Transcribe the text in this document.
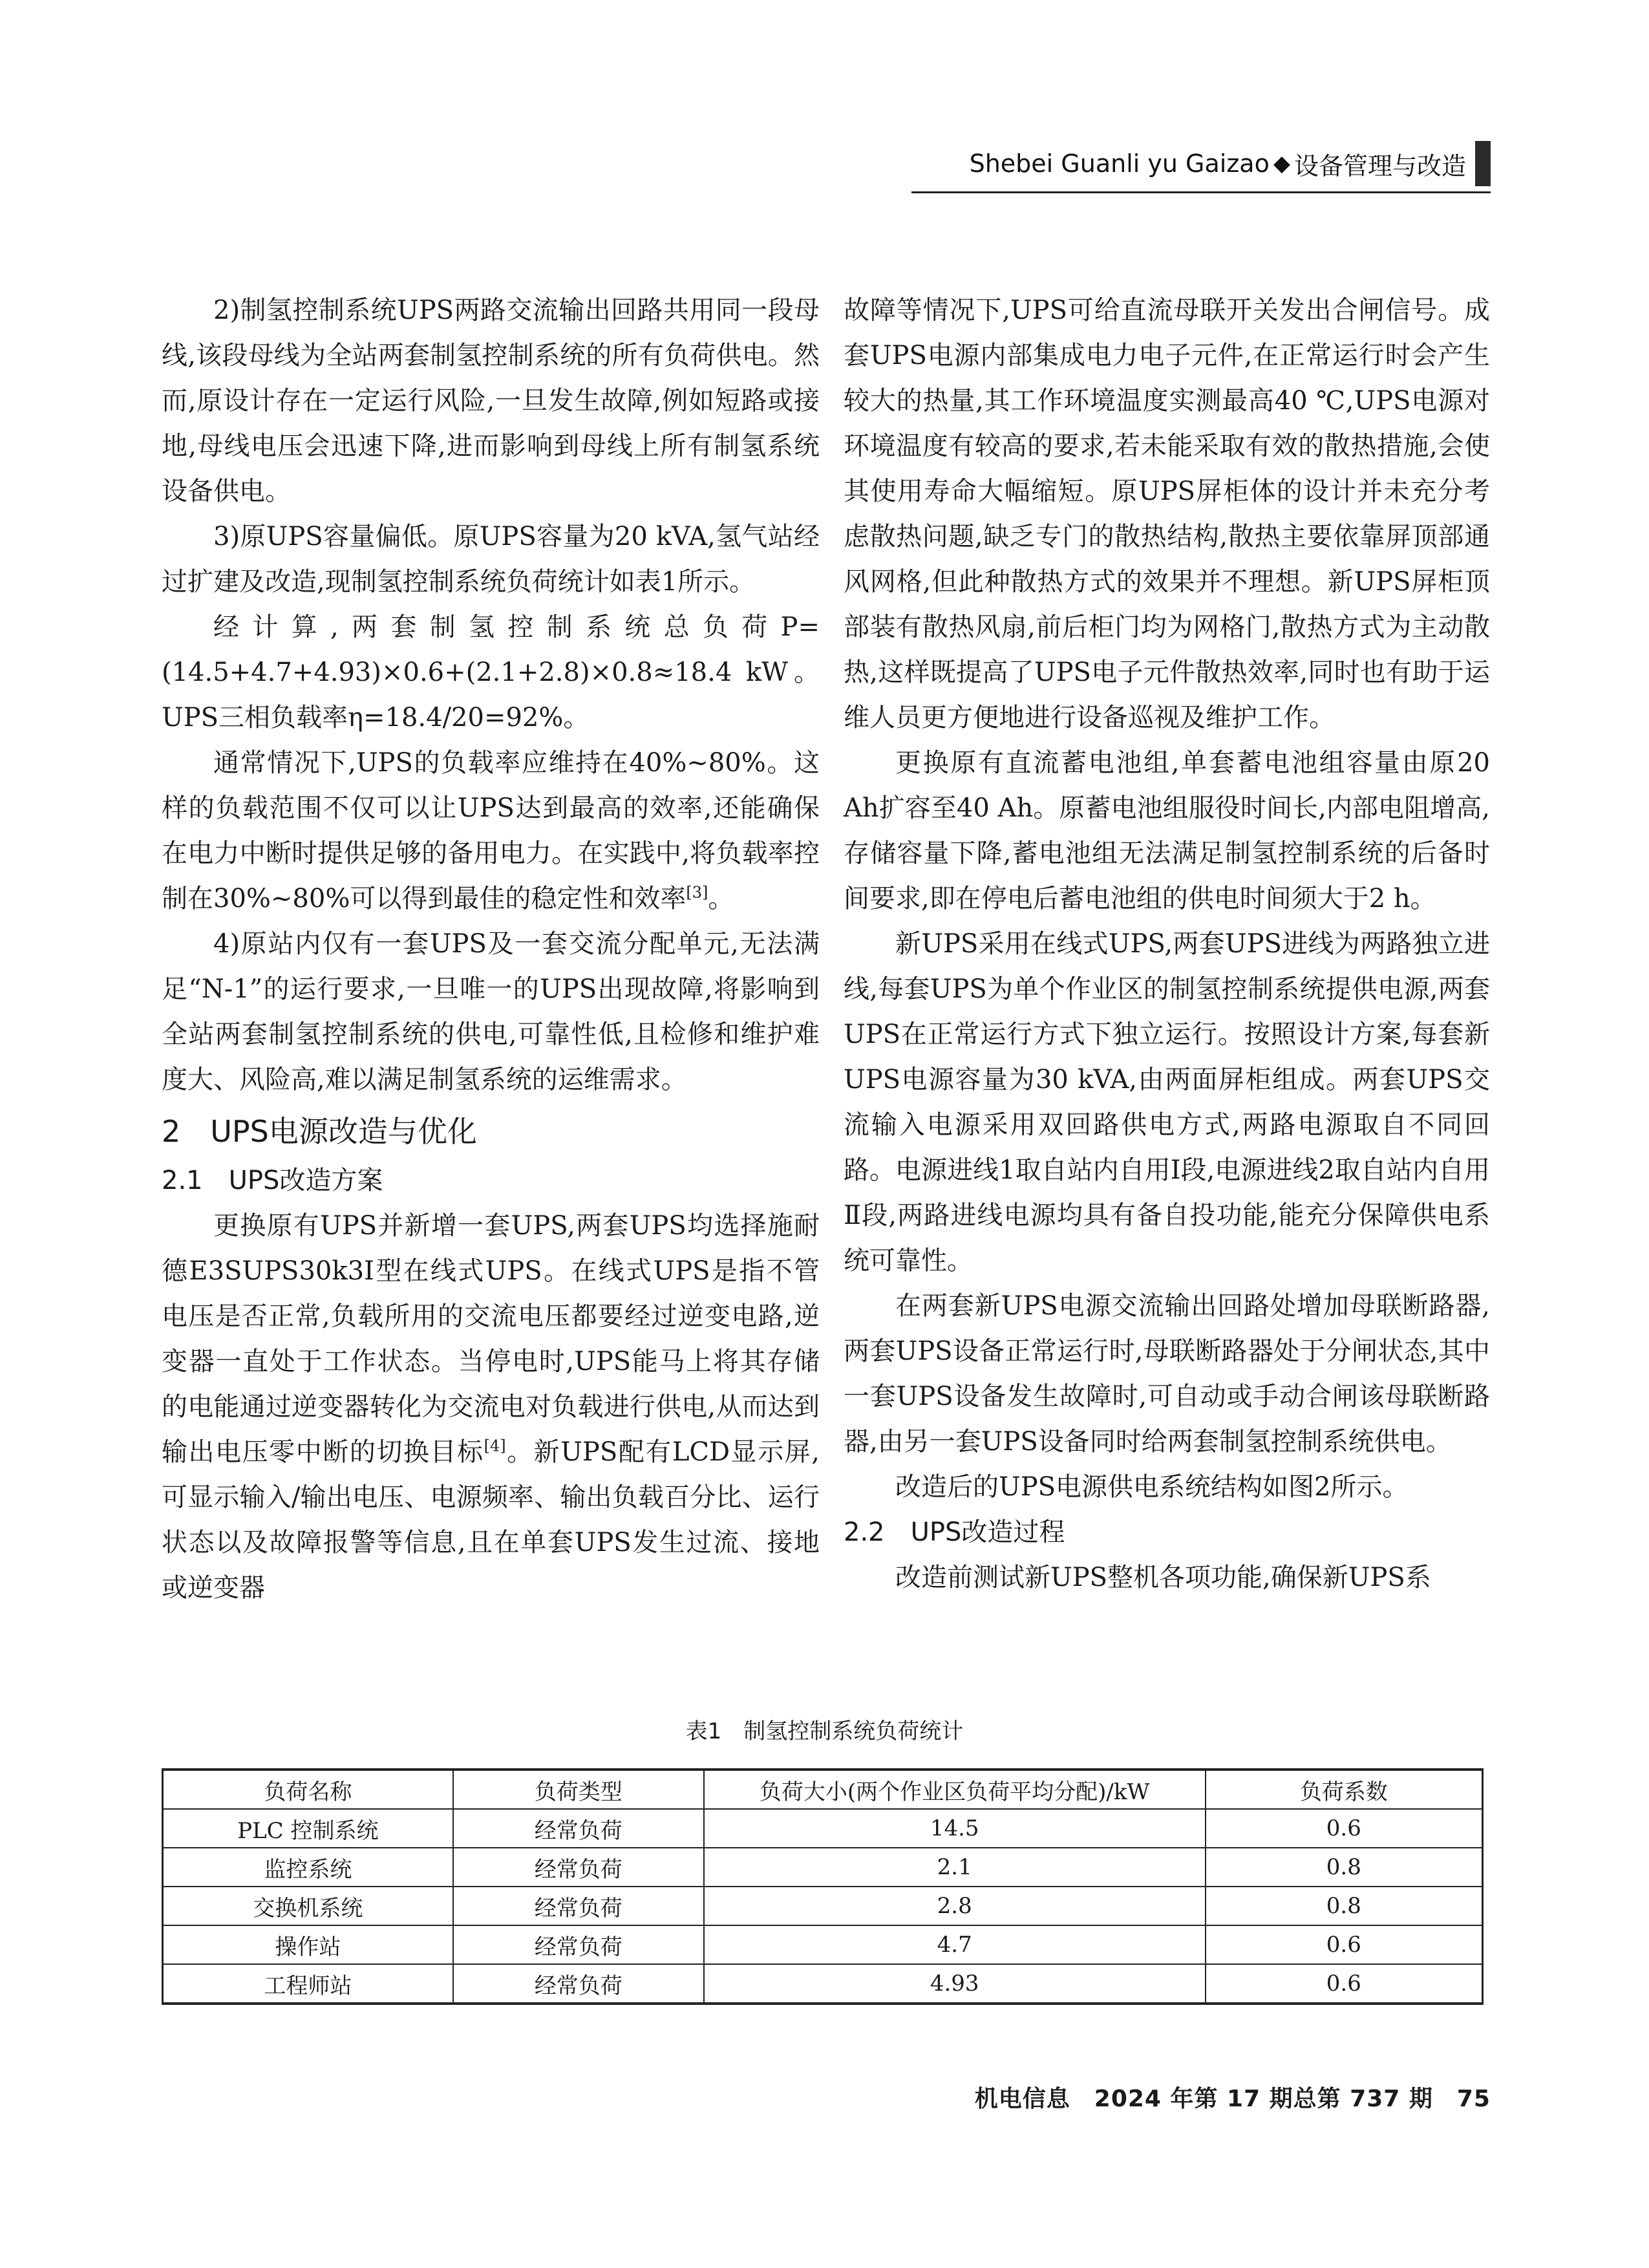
Shebei Guanli yu Gaizao ◆ 设备管理与改造

2)制氢控制系统UPS两路交流输出回路共用同一段母线,该段母线为全站两套制氢控制系统的所有负荷供电。然而,原设计存在一定运行风险,一旦发生故障,例如短路或接地,母线电压会迅速下降,进而影响到母线上所有制氢系统设备供电。

3)原UPS容量偏低。原UPS容量为20 kVA,氢气站经过扩建及改造,现制氢控制系统负荷统计如表1所示。

经计算,两套制氢控制系统总负荷P=(14.5+4.7+4.93)×0.6+(2.1+2.8)×0.8≈18.4 kW。UPS三相负载率η=18.4/20=92%。

通常情况下,UPS的负载率应维持在40%~80%。这样的负载范围不仅可以让UPS达到最高的效率,还能确保在电力中断时提供足够的备用电力。在实践中,将负载率控制在30%~80%可以得到最佳的稳定性和效率[3]。

4)原站内仅有一套UPS及一套交流分配单元,无法满足“N-1”的运行要求,一旦唯一的UPS出现故障,将影响到全站两套制氢控制系统的供电,可靠性低,且检修和维护难度大、风险高,难以满足制氢系统的运维需求。

2　UPS电源改造与优化

2.1　UPS改造方案

更换原有UPS并新增一套UPS,两套UPS均选择施耐德E3SUPS30k3I型在线式UPS。在线式UPS是指不管电压是否正常,负载所用的交流电压都要经过逆变电路,逆变器一直处于工作状态。当停电时,UPS能马上将其存储的电能通过逆变器转化为交流电对负载进行供电,从而达到输出电压零中断的切换目标[4]。新UPS配有LCD显示屏,可显示输入/输出电压、电源频率、输出负载百分比、运行状态以及故障报警等信息,且在单套UPS发生过流、接地或逆变器

故障等情况下,UPS可给直流母联开关发出合闸信号。成套UPS电源内部集成电力电子元件,在正常运行时会产生较大的热量,其工作环境温度实测最高40 ℃,UPS电源对环境温度有较高的要求,若未能采取有效的散热措施,会使其使用寿命大幅缩短。原UPS屏柜体的设计并未充分考虑散热问题,缺乏专门的散热结构,散热主要依靠屏顶部通风网格,但此种散热方式的效果并不理想。新UPS屏柜顶部装有散热风扇,前后柜门均为网格门,散热方式为主动散热,这样既提高了UPS电子元件散热效率,同时也有助于运维人员更方便地进行设备巡视及维护工作。

更换原有直流蓄电池组,单套蓄电池组容量由原20 Ah扩容至40 Ah。原蓄电池组服役时间长,内部电阻增高,存储容量下降,蓄电池组无法满足制氢控制系统的后备时间要求,即在停电后蓄电池组的供电时间须大于2 h。

新UPS采用在线式UPS,两套UPS进线为两路独立进线,每套UPS为单个作业区的制氢控制系统提供电源,两套UPS在正常运行方式下独立运行。按照设计方案,每套新UPS电源容量为30 kVA,由两面屏柜组成。两套UPS交流输入电源采用双回路供电方式,两路电源取自不同回路。电源进线1取自站内自用Ⅰ段,电源进线2取自站内自用Ⅱ段,两路进线电源均具有备自投功能,能充分保障供电系统可靠性。

在两套新UPS电源交流输出回路处增加母联断路器,两套UPS设备正常运行时,母联断路器处于分闸状态,其中一套UPS设备发生故障时,可自动或手动合闸该母联断路器,由另一套UPS设备同时给两套制氢控制系统供电。

改造后的UPS电源供电系统结构如图2所示。

2.2　UPS改造过程

改造前测试新UPS整机各项功能,确保新UPS系

表1　制氢控制系统负荷统计
负荷名称	负荷类型	负荷大小(两个作业区负荷平均分配)/kW	负荷系数
PLC 控制系统	经常负荷	14.5	0.6
监控系统	经常负荷	2.1	0.8
交换机系统	经常负荷	2.8	0.8
操作站	经常负荷	4.7	0.6
工程师站	经常负荷	4.93	0.6
机电信息　2024 年第 17 期总第 737 期　75
